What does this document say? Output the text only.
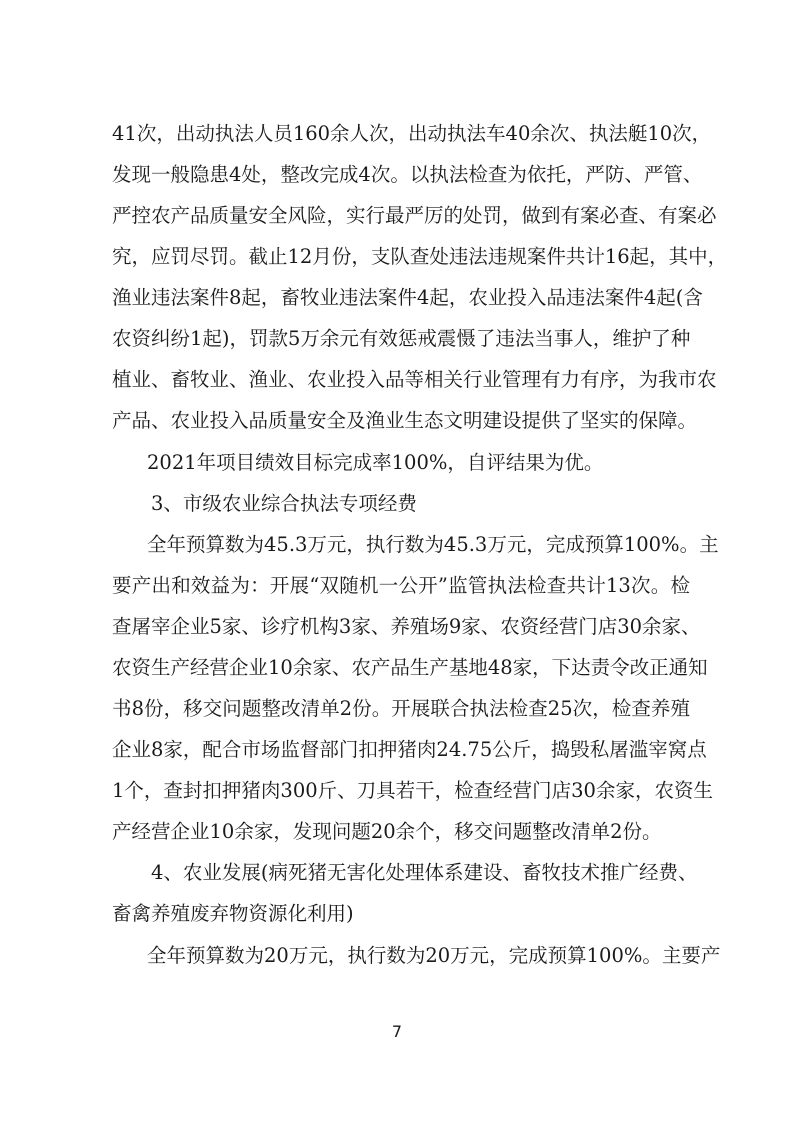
41次，出动执法人员160余人次，出动执法车40余次、执法艇10次，
发现一般隐患4处，整改完成4次。以执法检查为依托，严防、严管、
严控农产品质量安全风险，实行最严厉的处罚，做到有案必查、有案必
究，应罚尽罚。截止12月份，支队查处违法违规案件共计16起，其中，
渔业违法案件8起，畜牧业违法案件4起，农业投入品违法案件4起(含
农资纠纷1起)，罚款5万余元有效惩戒震慑了违法当事人，维护了种
植业、畜牧业、渔业、农业投入品等相关行业管理有力有序，为我市农
产品、农业投入品质量安全及渔业生态文明建设提供了坚实的保障。
2021年项目绩效目标完成率100%，自评结果为优。
3、市级农业综合执法专项经费
全年预算数为45.3万元，执行数为45.3万元，完成预算100%。主
要产出和效益为：开展“双随机一公开”监管执法检查共计13次。检
查屠宰企业5家、诊疗机构3家、养殖场9家、农资经营门店30余家、
农资生产经营企业10余家、农产品生产基地48家，下达责令改正通知
书8份，移交问题整改清单2份。开展联合执法检查25次，检查养殖
企业8家，配合市场监督部门扣押猪肉24.75公斤，捣毁私屠滥宰窝点
1个，查封扣押猪肉300斤、刀具若干，检查经营门店30余家，农资生
产经营企业10余家，发现问题20余个，移交问题整改清单2份。
4、农业发展(病死猪无害化处理体系建设、畜牧技术推广经费、
畜禽养殖废弃物资源化利用)
全年预算数为20万元，执行数为20万元，完成预算100%。主要产
7
